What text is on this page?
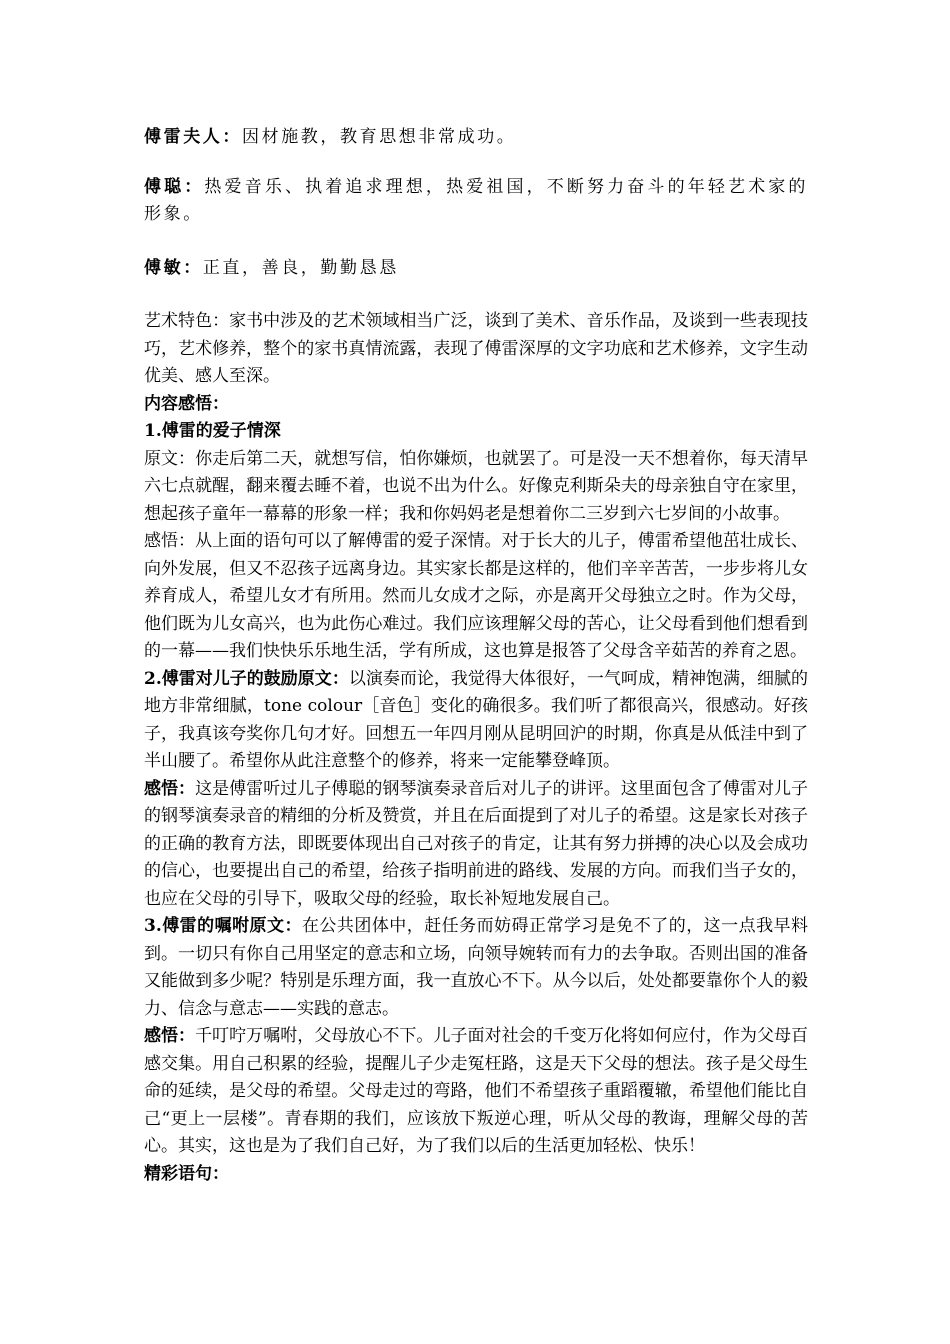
傅雷夫人：因材施教，教育思想非常成功。

傅聪：热爱音乐、执着追求理想，热爱祖国，不断努力奋斗的年轻艺术家的形象。

傅敏：正直，善良，勤勤恳恳

艺术特色：家书中涉及的艺术领域相当广泛，谈到了美术、音乐作品，及谈到一些表现技巧，艺术修养，整个的家书真情流露，表现了傅雷深厚的文字功底和艺术修养，文字生动优美、感人至深。

内容感悟：

1.傅雷的爱子情深

原文：你走后第二天，就想写信，怕你嫌烦，也就罢了。可是没一天不想着你，每天清早六七点就醒，翻来覆去睡不着，也说不出为什么。好像克利斯朵夫的母亲独自守在家里，想起孩子童年一幕幕的形象一样；我和你妈妈老是想着你二三岁到六七岁间的小故事。

感悟：从上面的语句可以了解傅雷的爱子深情。对于长大的儿子，傅雷希望他茁壮成长、向外发展，但又不忍孩子远离身边。其实家长都是这样的，他们辛辛苦苦，一步步将儿女养育成人，希望儿女才有所用。然而儿女成才之际，亦是离开父母独立之时。作为父母，他们既为儿女高兴，也为此伤心难过。我们应该理解父母的苦心，让父母看到他们想看到的一幕——我们快快乐乐地生活，学有所成，这也算是报答了父母含辛茹苦的养育之恩。

2.傅雷对儿子的鼓励原文：以演奏而论，我觉得大体很好，一气呵成，精神饱满，细腻的地方非常细腻，tone colour［音色］变化的确很多。我们听了都很高兴，很感动。好孩子，我真该夸奖你几句才好。回想五一年四月刚从昆明回沪的时期，你真是从低洼中到了半山腰了。希望你从此注意整个的修养，将来一定能攀登峰顶。

感悟：这是傅雷听过儿子傅聪的钢琴演奏录音后对儿子的讲评。这里面包含了傅雷对儿子的钢琴演奏录音的精细的分析及赞赏，并且在后面提到了对儿子的希望。这是家长对孩子的正确的教育方法，即既要体现出自己对孩子的肯定，让其有努力拼搏的决心以及会成功的信心，也要提出自己的希望，给孩子指明前进的路线、发展的方向。而我们当子女的，也应在父母的引导下，吸取父母的经验，取长补短地发展自己。

3.傅雷的嘱咐原文：在公共团体中，赶任务而妨碍正常学习是免不了的，这一点我早料到。一切只有你自己用坚定的意志和立场，向领导婉转而有力的去争取。否则出国的准备又能做到多少呢？特别是乐理方面，我一直放心不下。从今以后，处处都要靠你个人的毅力、信念与意志——实践的意志。

感悟：千叮咛万嘱咐，父母放心不下。儿子面对社会的千变万化将如何应付，作为父母百感交集。用自己积累的经验，提醒儿子少走冤枉路，这是天下父母的想法。孩子是父母生命的延续，是父母的希望。父母走过的弯路，他们不希望孩子重蹈覆辙，希望他们能比自己“更上一层楼”。青春期的我们，应该放下叛逆心理，听从父母的教诲，理解父母的苦心。其实，这也是为了我们自己好，为了我们以后的生活更加轻松、快乐！

精彩语句：
